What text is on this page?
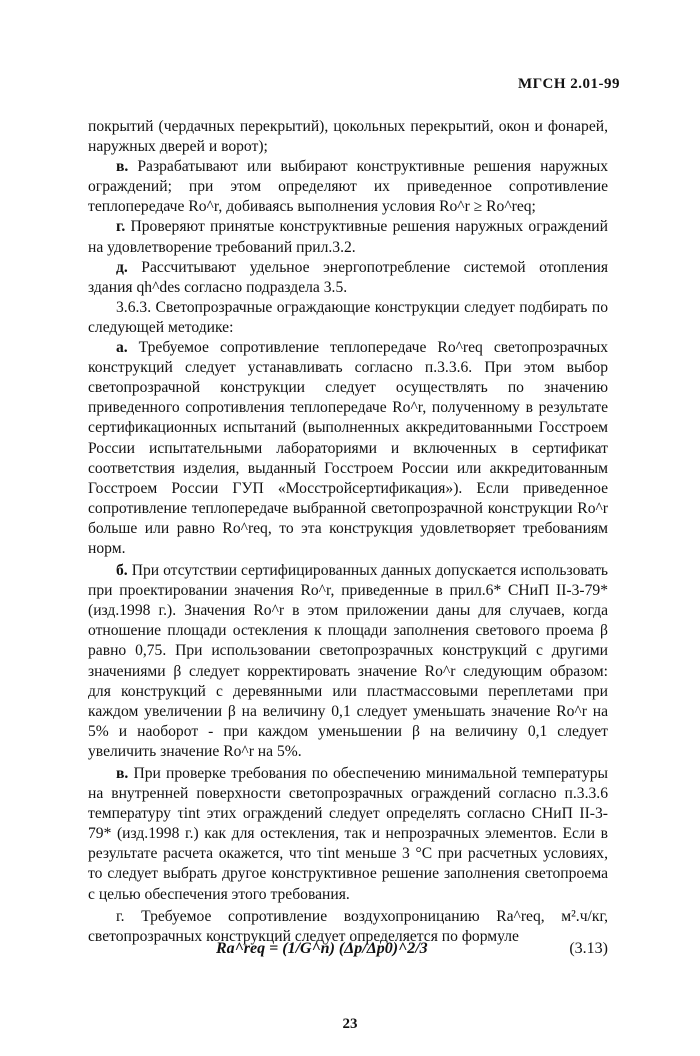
МГСН 2.01-99

покрытий (чердачных перекрытий), цокольных перекрытий, окон и фонарей, наружных дверей и ворот);

в. Разрабатывают или выбирают конструктивные решения наружных ограждений; при этом определяют их приведенное сопротивление теплопередаче Ro^r, добиваясь выполнения условия Ro^r ≥ Ro^req;

г. Проверяют принятые конструктивные решения наружных ограждений на удовлетворение требований прил.3.2.

д. Рассчитывают удельное энергопотребление системой отопления здания qh^des согласно подраздела 3.5.

3.6.3. Светопрозрачные ограждающие конструкции следует подбирать по следующей методике:

а. Требуемое сопротивление теплопередаче Ro^req светопрозрачных конструкций следует устанавливать согласно п.3.3.6. При этом выбор светопрозрачной конструкции следует осуществлять по значению приведенного сопротивления теплопередаче Ro^r, полученному в результате сертификационных испытаний (выполненных аккредитованными Госстроем России испытательными лабораториями и включенных в сертификат соответствия изделия, выданный Госстроем России или аккредитованным Госстроем России ГУП «Мосстройсертификация»). Если приведенное сопротивление теплопередаче выбранной светопрозрачной конструкции Ro^r больше или равно Ro^req, то эта конструкция удовлетворяет требованиям норм.

б. При отсутствии сертифицированных данных допускается использовать при проектировании значения Ro^r, приведенные в прил.6* СНиП II-3-79* (изд.1998 г.). Значения Ro^r в этом приложении даны для случаев, когда отношение площади остекления к площади заполнения светового проема β равно 0,75. При использовании светопрозрачных конструкций с другими значениями β следует корректировать значение Ro^r следующим образом: для конструкций с деревянными или пластмассовыми переплетами при каждом увеличении β на величину 0,1 следует уменьшать значение Ro^r на 5% и наоборот - при каждом уменьшении β на величину 0,1 следует увеличить значение Ro^r на 5%.

в. При проверке требования по обеспечению минимальной температуры на внутренней поверхности светопрозрачных ограждений согласно п.3.3.6 температуру τint этих ограждений следует определять согласно СНиП II-3-79* (изд.1998 г.) как для остекления, так и непрозрачных элементов. Если в результате расчета окажется, что τint меньше 3 °С при расчетных условиях, то следует выбрать другое конструктивное решение заполнения светопроема с целью обеспечения этого требования.

г. Требуемое сопротивление воздухопроницанию Ra^req, м².ч/кг, светопрозрачных конструкций следует определяется по формуле

Ra^req = (1/G^n) (Δp/Δp0)^2/3	(3.13)
23
